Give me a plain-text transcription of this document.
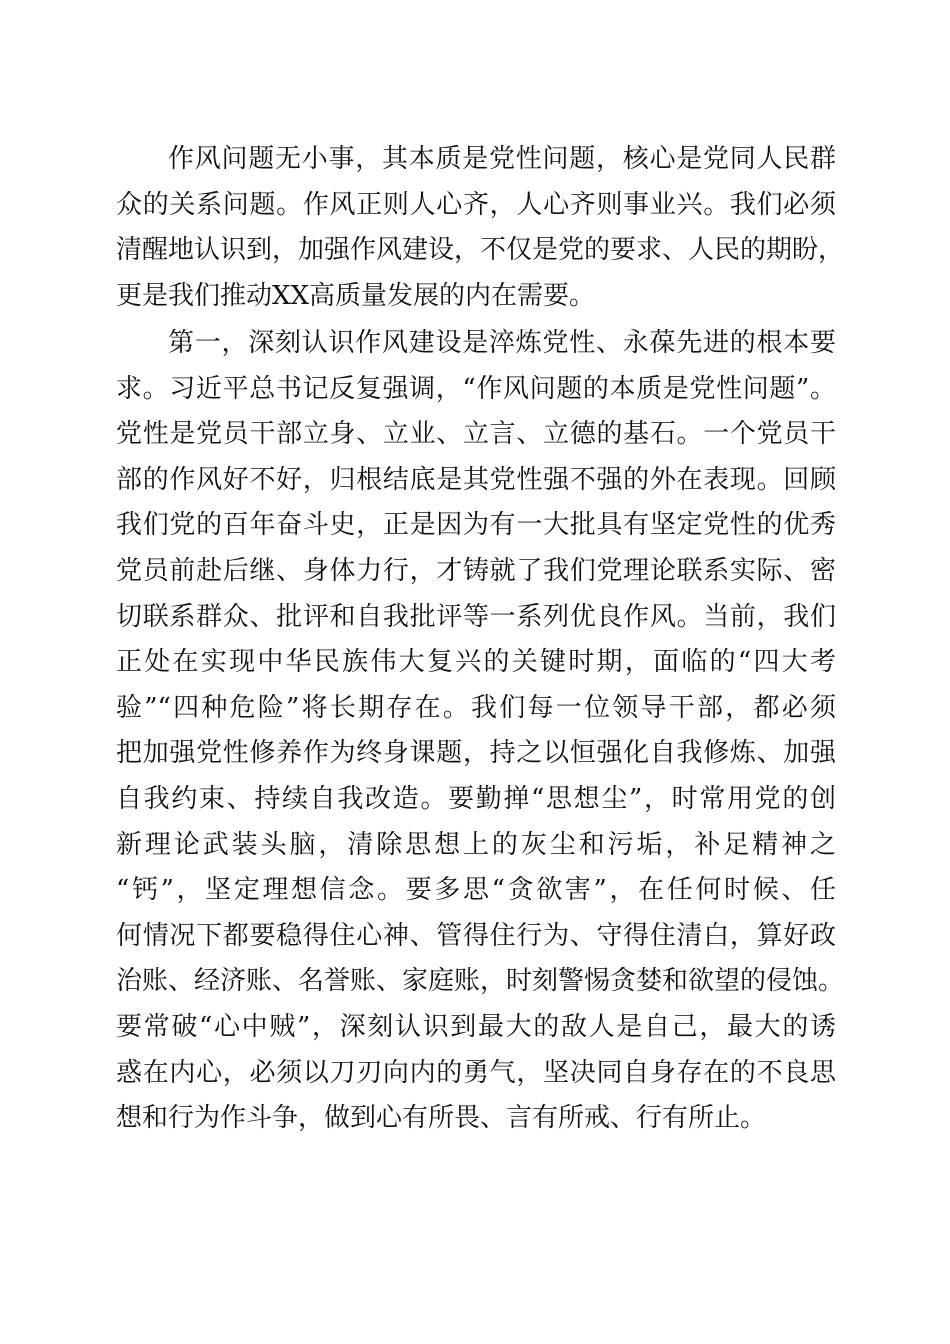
作风问题无小事，其本质是党性问题，核心是党同人民群
众的关系问题。作风正则人心齐，人心齐则事业兴。我们必须
清醒地认识到，加强作风建设，不仅是党的要求、人民的期盼，
更是我们推动XX高质量发展的内在需要。
第一，深刻认识作风建设是淬炼党性、永葆先进的根本要
求。习近平总书记反复强调，“作风问题的本质是党性问题”。
党性是党员干部立身、立业、立言、立德的基石。一个党员干
部的作风好不好，归根结底是其党性强不强的外在表现。回顾
我们党的百年奋斗史，正是因为有一大批具有坚定党性的优秀
党员前赴后继、身体力行，才铸就了我们党理论联系实际、密
切联系群众、批评和自我批评等一系列优良作风。当前，我们
正处在实现中华民族伟大复兴的关键时期，面临的“四大考
验”“四种危险”将长期存在。我们每一位领导干部，都必须
把加强党性修养作为终身课题，持之以恒强化自我修炼、加强
自我约束、持续自我改造。要勤掸“思想尘”，时常用党的创
新理论武装头脑，清除思想上的灰尘和污垢，补足精神之
“钙”，坚定理想信念。要多思“贪欲害”，在任何时候、任
何情况下都要稳得住心神、管得住行为、守得住清白，算好政
治账、经济账、名誉账、家庭账，时刻警惕贪婪和欲望的侵蚀。
要常破“心中贼”，深刻认识到最大的敌人是自己，最大的诱
惑在内心，必须以刀刃向内的勇气，坚决同自身存在的不良思
想和行为作斗争，做到心有所畏、言有所戒、行有所止。
